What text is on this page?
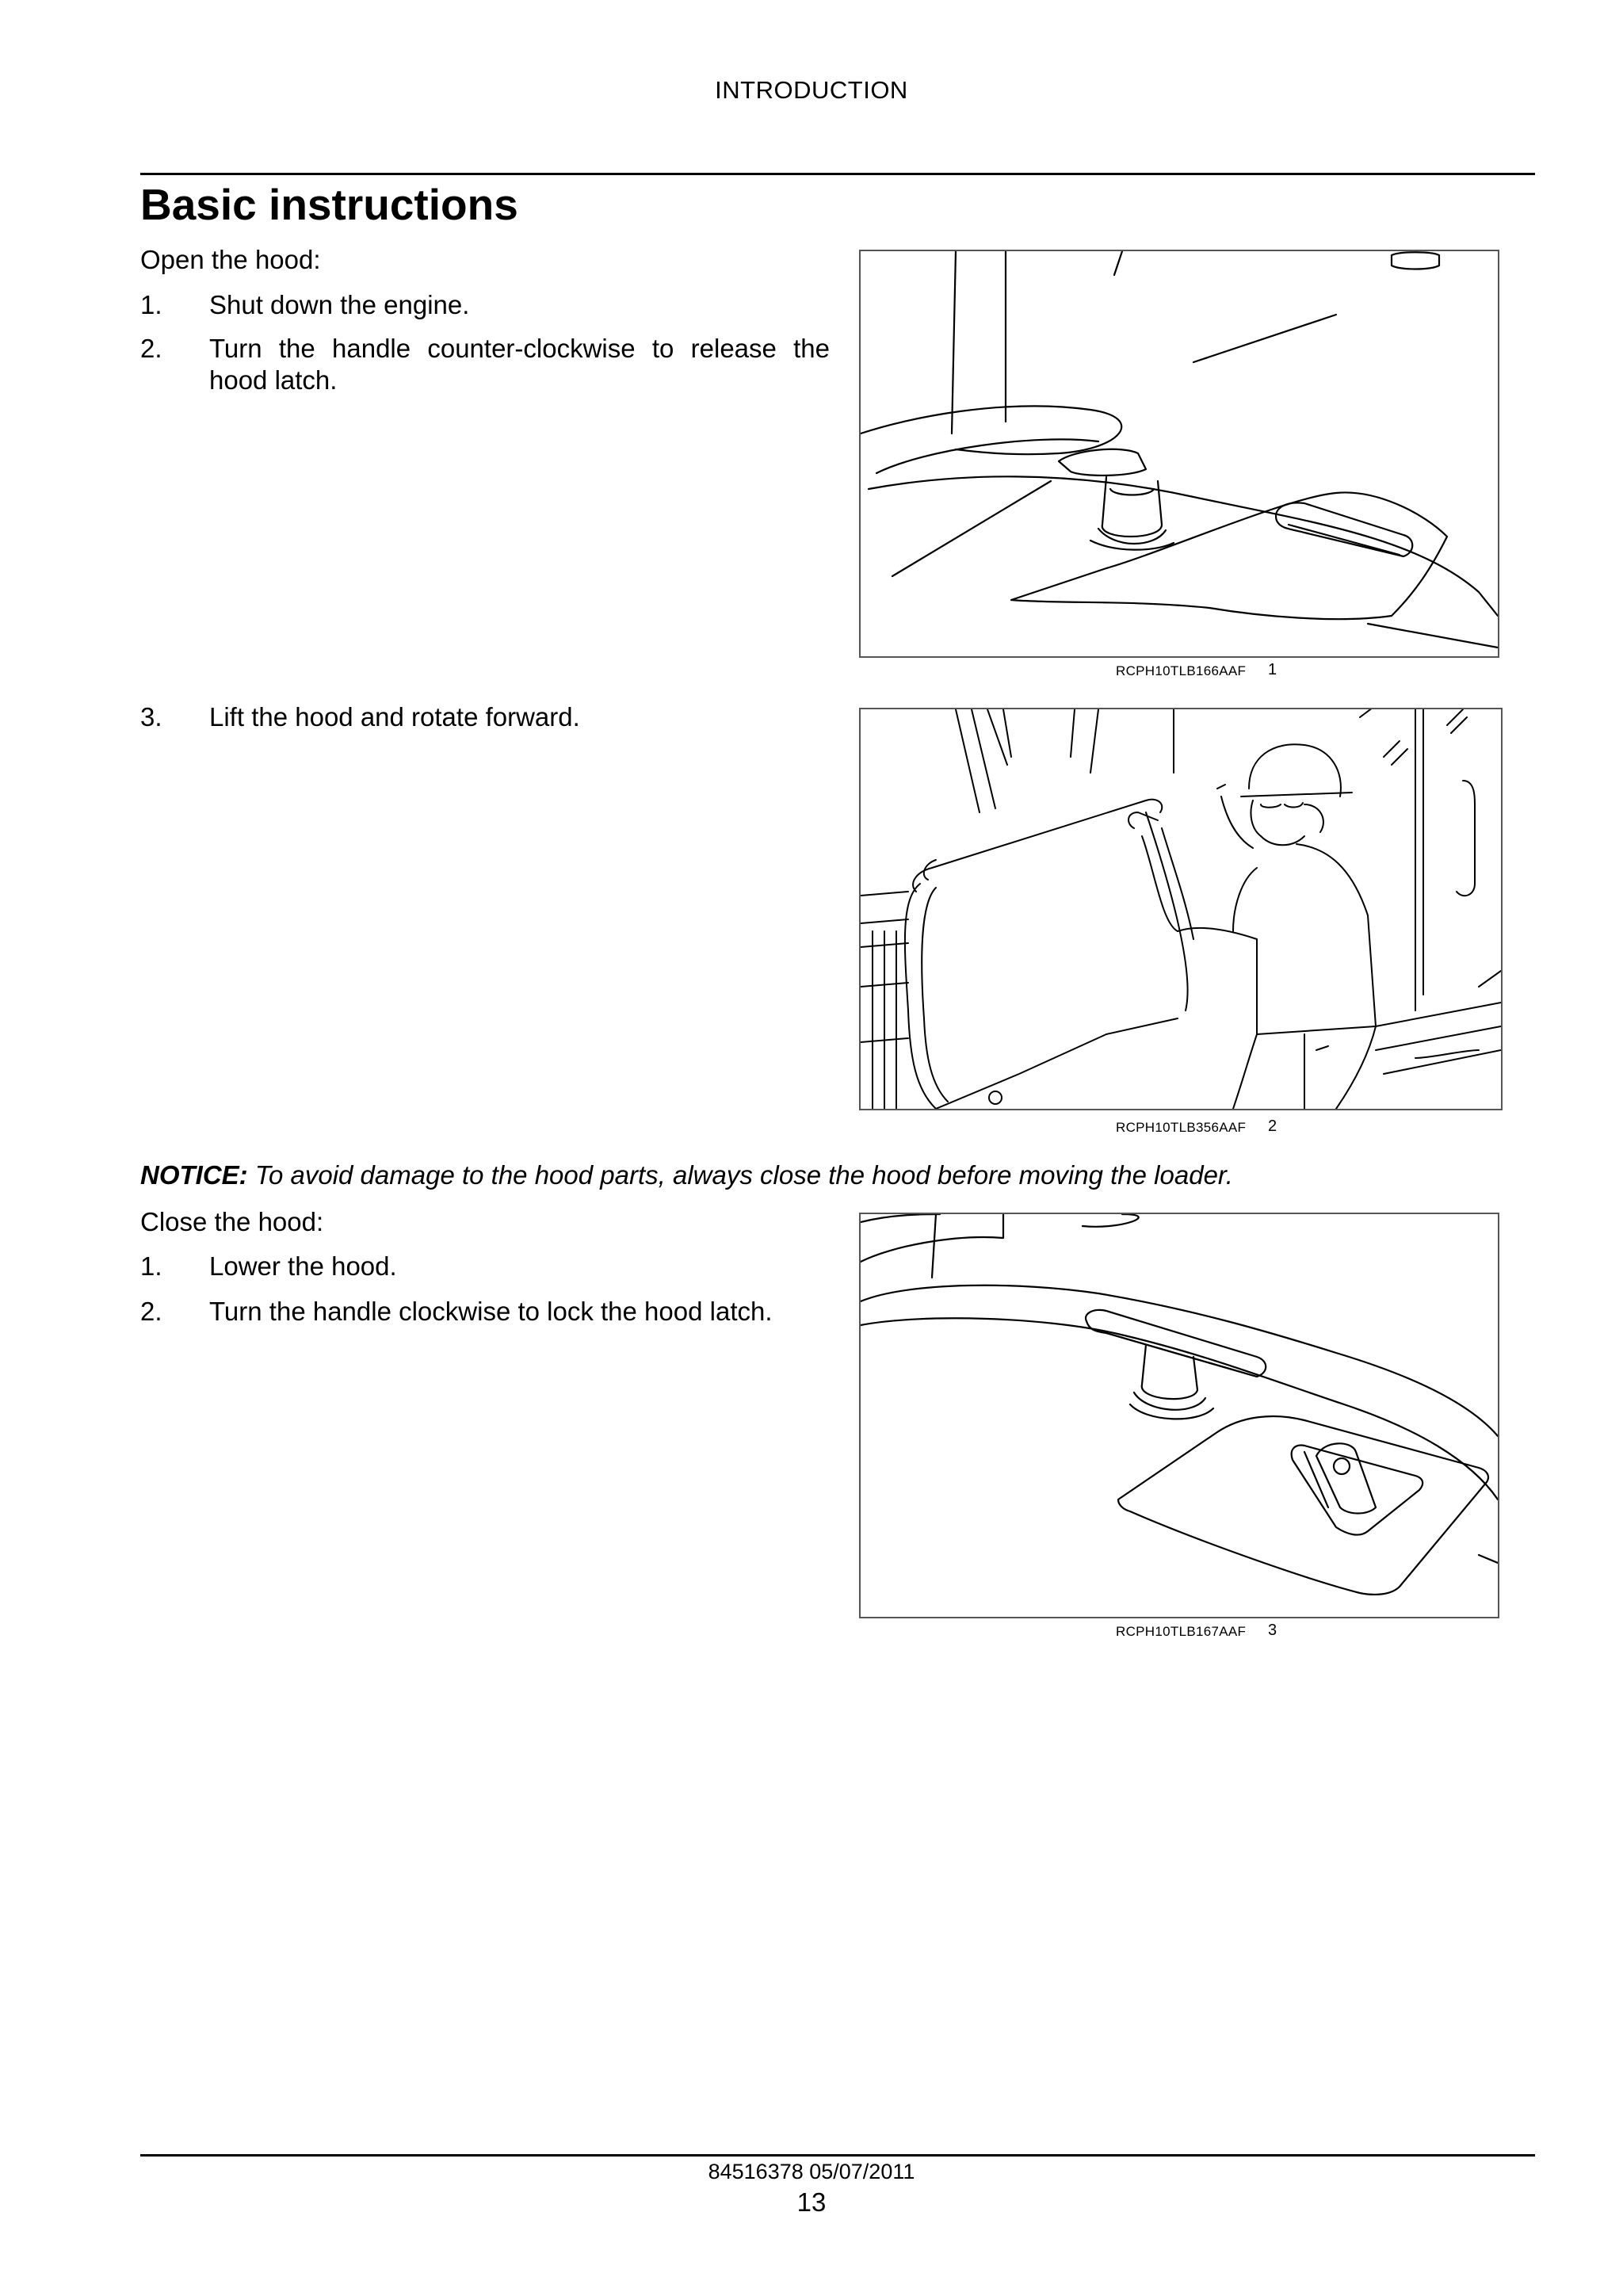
INTRODUCTION
Basic instructions
Open the hood:
1. Shut down the engine.
2. Turn the handle counter-clockwise to release the hood latch.
RCPH10TLB166AAF 1
3. Lift the hood and rotate forward.
RCPH10TLB356AAF 2
NOTICE: To avoid damage to the hood parts, always close the hood before moving the loader.
Close the hood:
1. Lower the hood.
2. Turn the handle clockwise to lock the hood latch.
RCPH10TLB167AAF 3
84516378 05/07/2011
13
